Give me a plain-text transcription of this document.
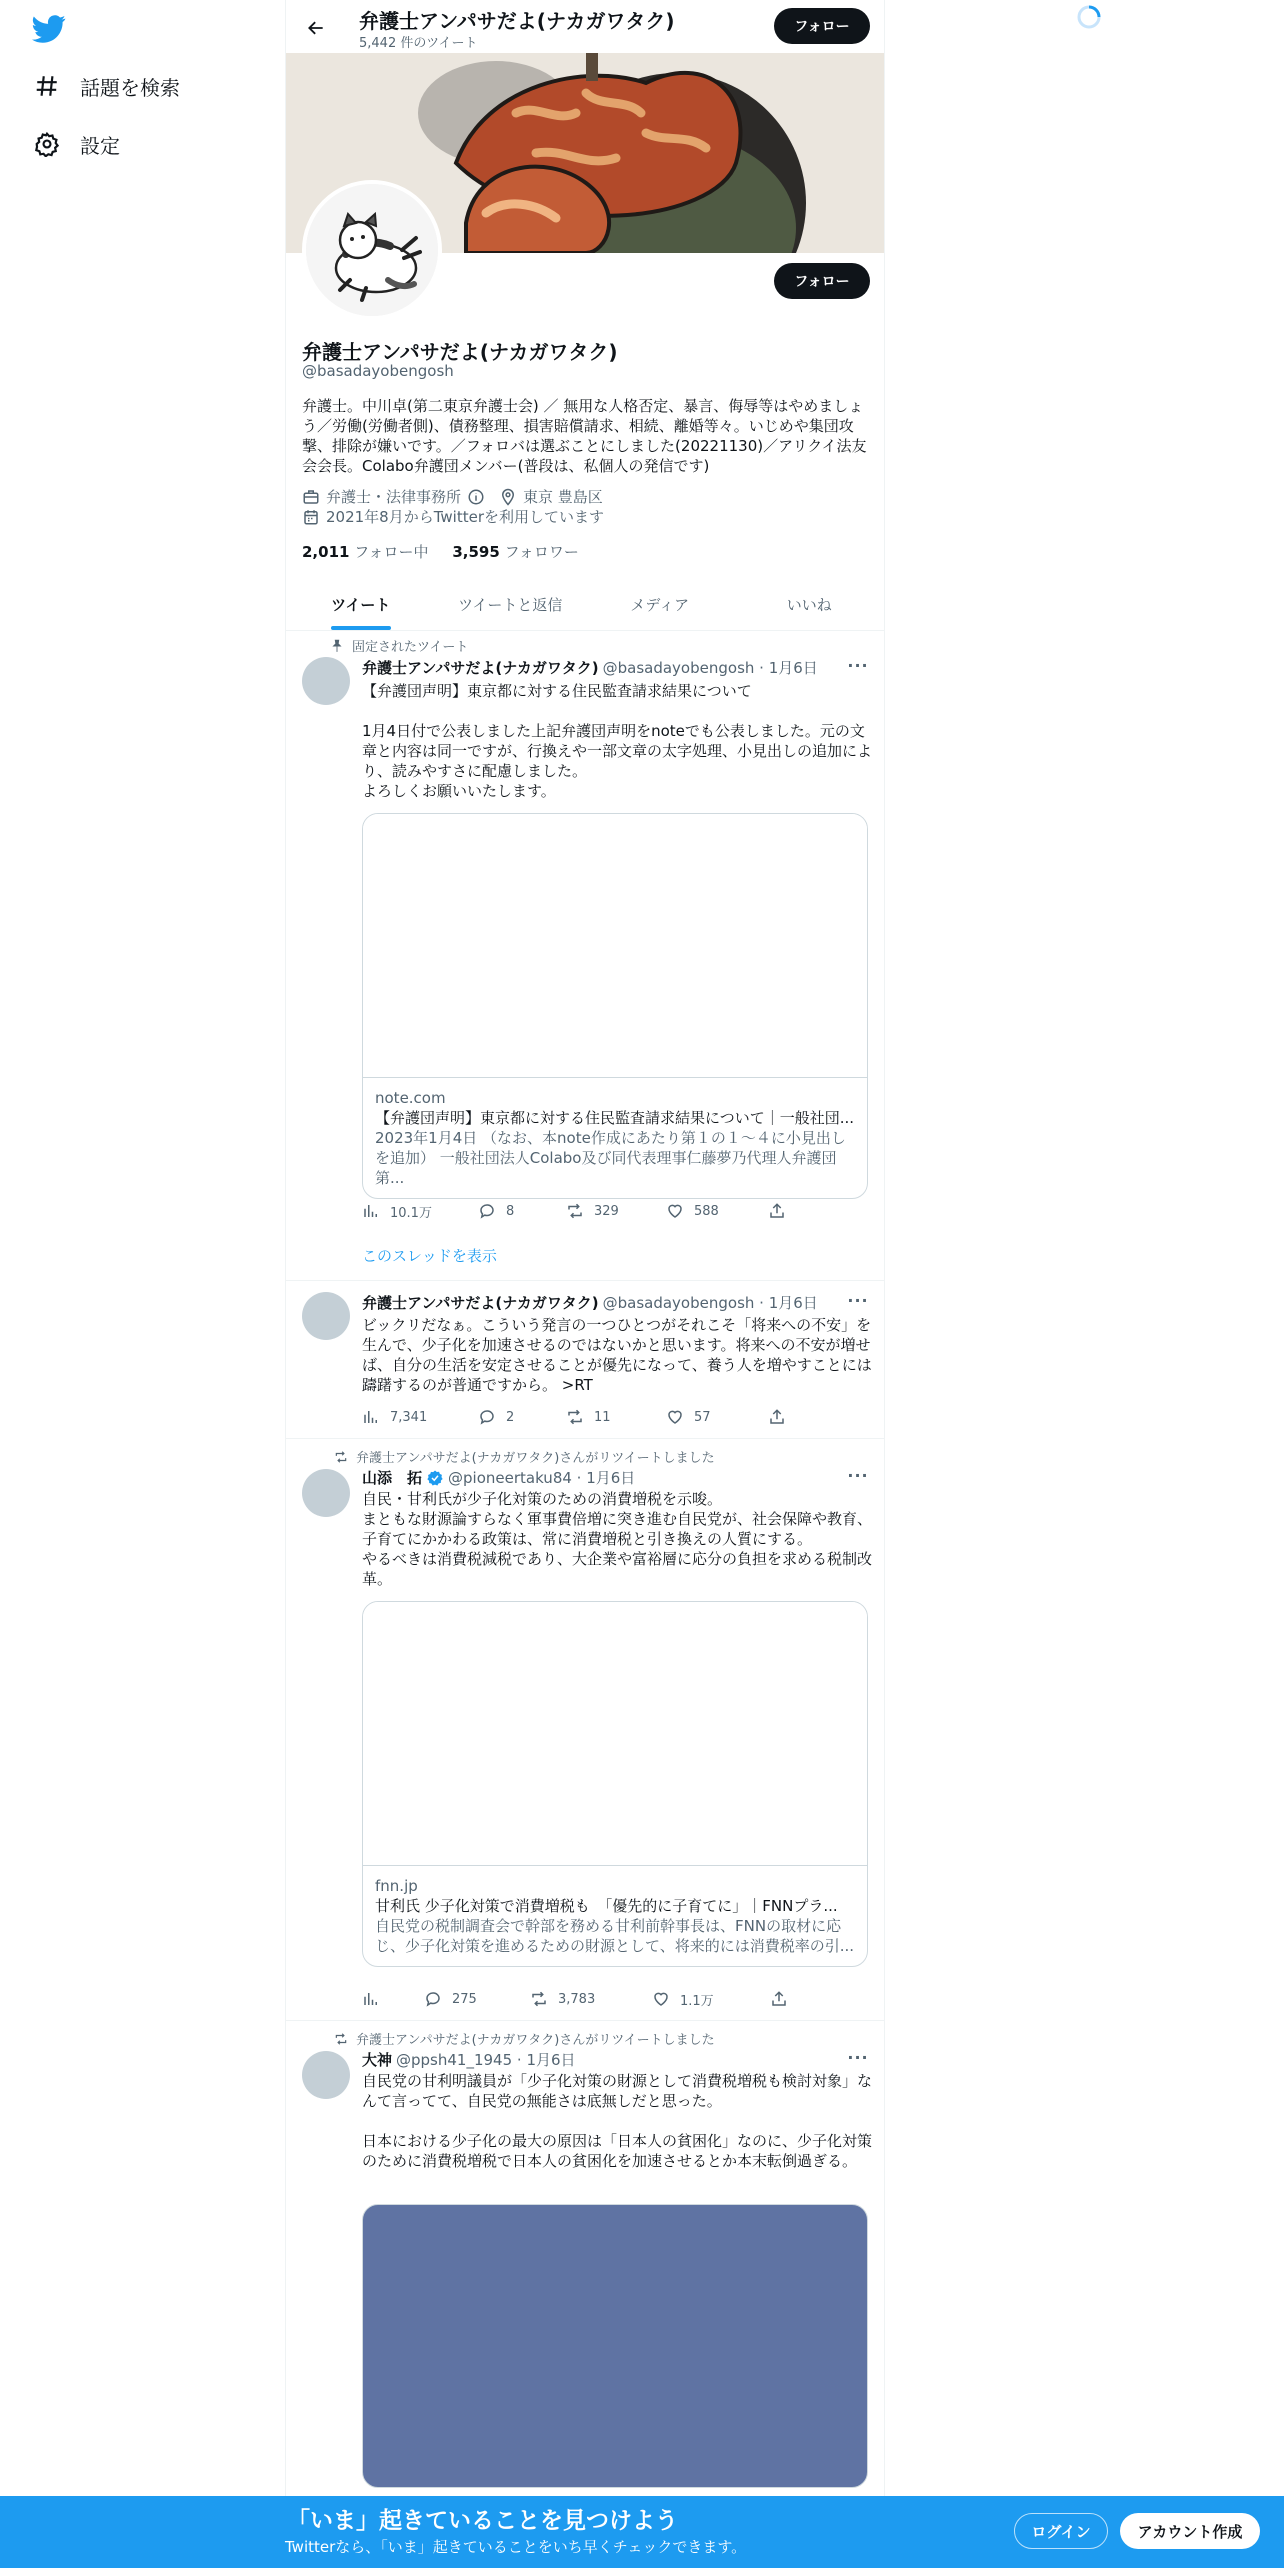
話題を検索
設定
弁護士アンパサだよ(ナカガワタク)
5,442 件のツイート
フォロー
フォロー
弁護士アンパサだよ(ナカガワタク)
@basadayobengosh
弁護士。中川卓(第二東京弁護士会) ／ 無用な人格否定、暴言、侮辱等はやめましょう／労働(労働者側)、債務整理、損害賠償請求、相続、離婚等々。いじめや集団攻撃、排除が嫌いです。／フォロバは選ぶことにしました(20221130)／アリクイ法友会会長。Colabo弁護団メンバー(普段は、私個人の発信です)
弁護士・法律事務所	東京 豊島区
2021年8月からTwitterを利用しています
2,011 フォロー中 3,595 フォロワー
ツイート	ツイートと返信	メディア	いいね
固定されたツイート
弁護士アンパサだよ(ナカガワタク) @basadayobengosh · 1月6日 ···
【弁護団声明】東京都に対する住民監査請求結果について

1月4日付で公表しました上記弁護団声明をnoteでも公表しました。元の文章と内容は同一ですが、行換えや一部文章の太字処理、小見出しの追加により、読みやすさに配慮しました。
よろしくお願いいたします。
note.com
【弁護団声明】東京都に対する住民監査請求結果について｜一般社団...
2023年1月4日 （なお、本note作成にあたり第１の１～４に小見出しを追加） 一般社団法人Colabo及び同代表理事仁藤夢乃代理人弁護団 第...
10.1万	8	329	588
このスレッドを表示
弁護士アンパサだよ(ナカガワタク) @basadayobengosh · 1月6日 ···
ビックリだなぁ。こういう発言の一つひとつがそれこそ「将来への不安」を生んで、少子化を加速させるのではないかと思います。将来への不安が増せば、自分の生活を安定させることが優先になって、養う人を増やすことには躊躇するのが普通ですから。 >RT
7,341	2	11	57
弁護士アンパサだよ(ナカガワタク)さんがリツイートしました
山添　拓 @pioneertaku84 · 1月6日	···
自民・甘利氏が少子化対策のための消費増税を示唆。
まともな財源論すらなく軍事費倍増に突き進む自民党が、社会保障や教育、子育てにかかわる政策は、常に消費増税と引き換えの人質にする。
やるべきは消費税減税であり、大企業や富裕層に応分の負担を求める税制改革。
fnn.jp
甘利氏 少子化対策で消費増税も　「優先的に子育てに」｜FNNプラ...
自民党の税制調査会で幹部を務める甘利前幹事長は、FNNの取材に応じ、少子化対策を進めるための財源として、将来的には消費税率の引...
275	3,783	1.1万
弁護士アンパサだよ(ナカガワタク)さんがリツイートしました
大神 @ppsh41_1945 · 1月6日	···
自民党の甘利明議員が「少子化対策の財源として消費税増税も検討対象」なんて言ってて、自民党の無能さは底無しだと思った。

日本における少子化の最大の原因は「日本人の貧困化」なのに、少子化対策のために消費税増税で日本人の貧困化を加速させるとか本末転倒過ぎる。
「いま」起きていることを見つけよう
Twitterなら、「いま」起きていることをいち早くチェックできます。
ログイン	アカウント作成
